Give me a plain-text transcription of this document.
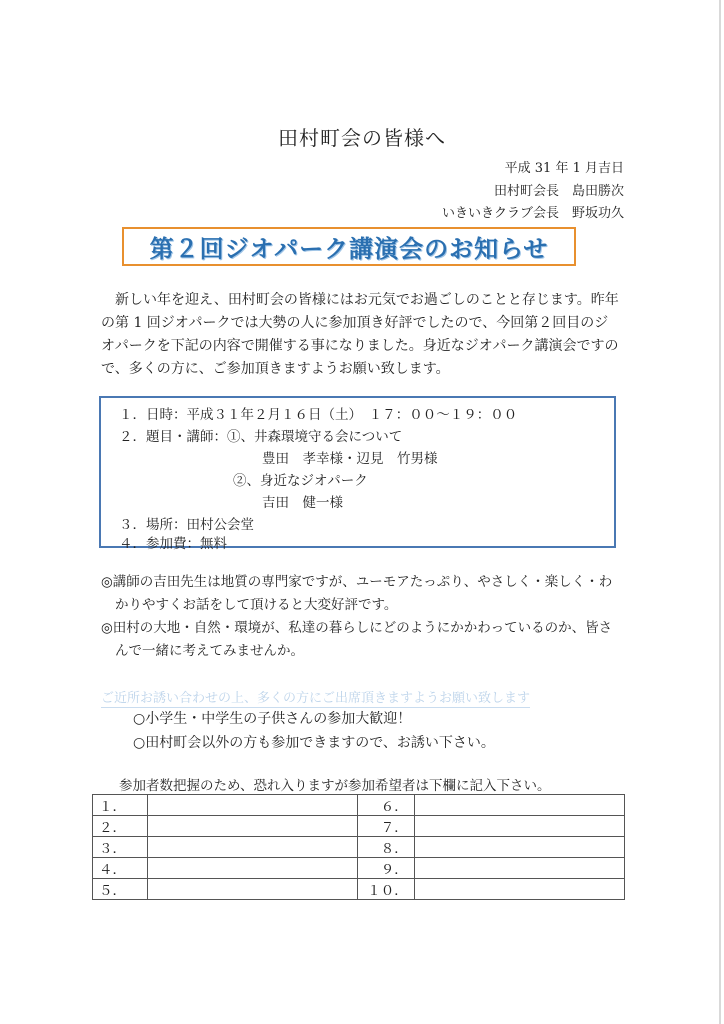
田村町会の皆様へ
平成 31 年 1 月吉日
田村町会長　島田勝次
いきいきクラブ会長　野坂功久
第２回ジオパーク講演会のお知らせ
新しい年を迎え、田村町会の皆様にはお元気でお過ごしのことと存じます。昨年の第 1 回ジオパークでは大勢の人に参加頂き好評でしたので、今回第２回目のジオパークを下記の内容で開催する事になりました。身近なジオパーク講演会ですので、多くの方に、ご参加頂きますようお願い致します。
１．日時：平成３１年２月１６日（土）　１７：００～１９：００
２．題目・講師：①、井森環境守る会について
豊田　孝幸様・辺見　竹男様
②、身近なジオパーク
吉田　健一様
３．場所：田村公会堂
４．参加費：無料
◎講師の吉田先生は地質の専門家ですが、ユーモアたっぷり、やさしく・楽しく・わかりやすくお話をして頂けると大変好評です。
◎田村の大地・自然・環境が、私達の暮らしにどのようにかかわっているのか、皆さんで一緒に考えてみませんか。
ご近所お誘い合わせの上、多くの方にご出席頂きますようお願い致します
○小学生・中学生の子供さんの参加大歓迎！
○田村町会以外の方も参加できますので、お誘い下さい。
参加者数把握のため、恐れ入りますが参加希望者は下欄に記入下さい。
１．		６．	
２．		７．	
３．		８．	
４．		９．	
５．		１０．	
